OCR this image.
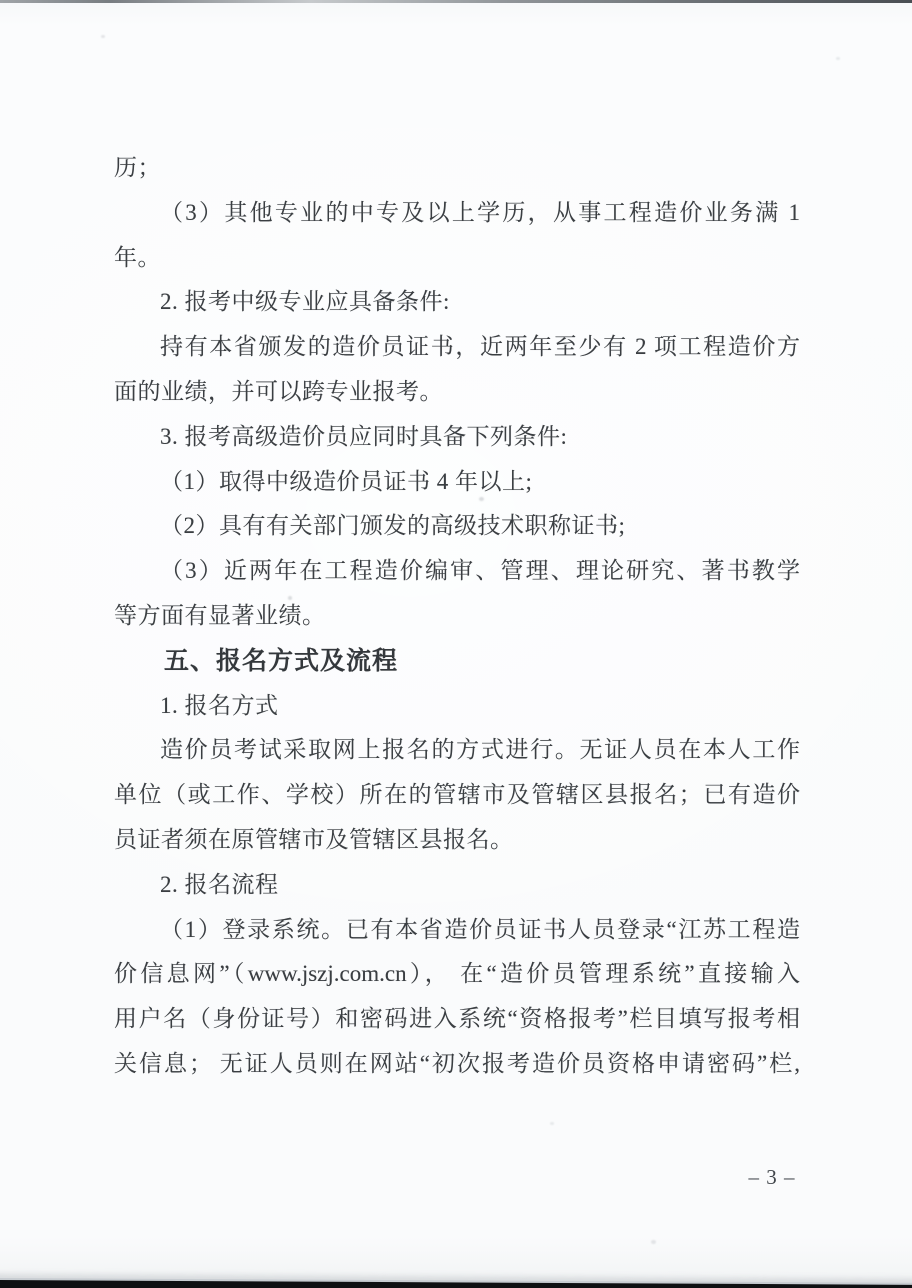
历；
（3）其他专业的中专及以上学历，从事工程造价业务满 1
年。
2. 报考中级专业应具备条件:
持有本省颁发的造价员证书，近两年至少有 2 项工程造价方
面的业绩，并可以跨专业报考。
3. 报考高级造价员应同时具备下列条件:
（1）取得中级造价员证书 4 年以上;
（2）具有有关部门颁发的高级技术职称证书;
（3）近两年在工程造价编审、管理、理论研究、著书教学
等方面有显著业绩。
五、报名方式及流程
1. 报名方式
造价员考试采取网上报名的方式进行。无证人员在本人工作
单位（或工作、学校）所在的管辖市及管辖区县报名；已有造价
员证者须在原管辖市及管辖区县报名。
2. 报名流程
（1）登录系统。已有本省造价员证书人员登录“江苏工程造
价信息网”（www.jszj.com.cn）， 在“造价员管理系统”直接输入
用户名（身份证号）和密码进入系统“资格报考”栏目填写报考相
关信息； 无证人员则在网站“初次报考造价员资格申请密码”栏,
– 3 –
